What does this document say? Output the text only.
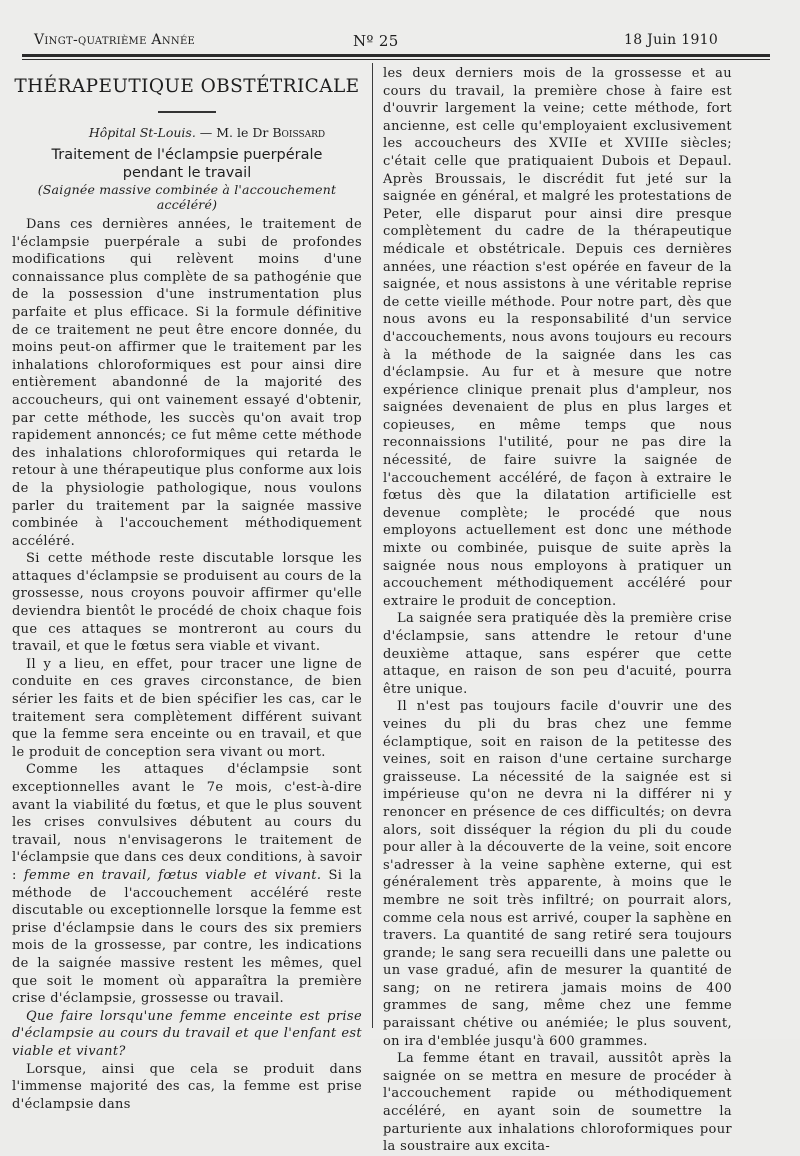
Vingt-quatrième Année	Nº 25	18 Juin 1910
THÉRAPEUTIQUE OBSTÉTRICALE
Hôpital St-Louis. — M. le Dr Boissard

Traitement de l'éclampsie puerpérale
pendant le travail

(Saignée massive combinée à l'accouchement accéléré)

Dans ces dernières années, le traitement de l'éclampsie puerpérale a subi de profondes modifications qui relèvent moins d'une connaissance plus complète de sa pathogénie que de la possession d'une instrumentation plus parfaite et plus efficace. Si la formule définitive de ce traitement ne peut être encore donnée, du moins peut-on affirmer que le traitement par les inhalations chloroformiques est pour ainsi dire entièrement abandonné de la majorité des accoucheurs, qui ont vainement essayé d'obtenir, par cette méthode, les succès qu'on avait trop rapidement annoncés; ce fut même cette méthode des inhalations chloroformiques qui retarda le retour à une thérapeutique plus conforme aux lois de la physiologie pathologique, nous voulons parler du traitement par la saignée massive combinée à l'accouchement méthodiquement accéléré.

Si cette méthode reste discutable lorsque les attaques d'éclampsie se produisent au cours de la grossesse, nous croyons pouvoir affirmer qu'elle deviendra bientôt le procédé de choix chaque fois que ces attaques se montreront au cours du travail, et que le fœtus sera viable et vivant.

Il y a lieu, en effet, pour tracer une ligne de conduite en ces graves circonstance, de bien sérier les faits et de bien spécifier les cas, car le traitement sera complètement différent suivant que la femme sera enceinte ou en travail, et que le produit de conception sera vivant ou mort.

Comme les attaques d'éclampsie sont exceptionnelles avant le 7e mois, c'est-à-dire avant la viabilité du fœtus, et que le plus souvent les crises convulsives débutent au cours du travail, nous n'envisagerons le traitement de l'éclampsie que dans ces deux conditions, à savoir : femme en travail, fœtus viable et vivant. Si la méthode de l'accouchement accéléré reste discutable ou exceptionnelle lorsque la femme est prise d'éclampsie dans le cours des six premiers mois de la grossesse, par contre, les indications de la saignée massive restent les mêmes, quel que soit le moment où apparaîtra la première crise d'éclampsie, grossesse ou travail.

Que faire lorsqu'une femme enceinte est prise d'éclampsie au cours du travail et que l'enfant est viable et vivant?

Lorsque, ainsi que cela se produit dans l'immense majorité des cas, la femme est prise d'éclampsie dans

les deux derniers mois de la grossesse et au cours du travail, la première chose à faire est d'ouvrir largement la veine; cette méthode, fort ancienne, est celle qu'employaient exclusivement les accoucheurs des XVIIe et XVIIIe siècles; c'était celle que pratiquaient Dubois et Depaul. Après Broussais, le discrédit fut jeté sur la saignée en général, et malgré les protestations de Peter, elle disparut pour ainsi dire presque complètement du cadre de la thérapeutique médicale et obstétricale. Depuis ces dernières années, une réaction s'est opérée en faveur de la saignée, et nous assistons à une véritable reprise de cette vieille méthode. Pour notre part, dès que nous avons eu la responsabilité d'un service d'accouchements, nous avons toujours eu recours à la méthode de la saignée dans les cas d'éclampsie. Au fur et à mesure que notre expérience clinique prenait plus d'ampleur, nos saignées devenaient de plus en plus larges et copieuses, en même temps que nous reconnaissions l'utilité, pour ne pas dire la nécessité, de faire suivre la saignée de l'accouchement accéléré, de façon à extraire le fœtus dès que la dilatation artificielle est devenue complète; le procédé que nous employons actuellement est donc une méthode mixte ou combinée, puisque de suite après la saignée nous nous employons à pratiquer un accouchement méthodiquement accéléré pour extraire le produit de conception.

La saignée sera pratiquée dès la première crise d'éclampsie, sans attendre le retour d'une deuxième attaque, sans espérer que cette attaque, en raison de son peu d'acuité, pourra être unique.

Il n'est pas toujours facile d'ouvrir une des veines du pli du bras chez une femme éclamptique, soit en raison de la petitesse des veines, soit en raison d'une certaine surcharge graisseuse. La nécessité de la saignée est si impérieuse qu'on ne devra ni la différer ni y renoncer en présence de ces difficultés; on devra alors, soit disséquer la région du pli du coude pour aller à la découverte de la veine, soit encore s'adresser à la veine saphène externe, qui est généralement très apparente, à moins que le membre ne soit très infiltré; on pourrait alors, comme cela nous est arrivé, couper la saphène en travers. La quantité de sang retiré sera toujours grande; le sang sera recueilli dans une palette ou un vase gradué, afin de mesurer la quantité de sang; on ne retirera jamais moins de 400 grammes de sang, même chez une femme paraissant chétive ou anémiée; le plus souvent, on ira d'emblée jusqu'à 600 grammes.

La femme étant en travail, aussitôt après la saignée on se mettra en mesure de procéder à l'accouchement rapide ou méthodiquement accéléré, en ayant soin de soumettre la parturiente aux inhalations chloroformiques pour la soustraire aux excita-
